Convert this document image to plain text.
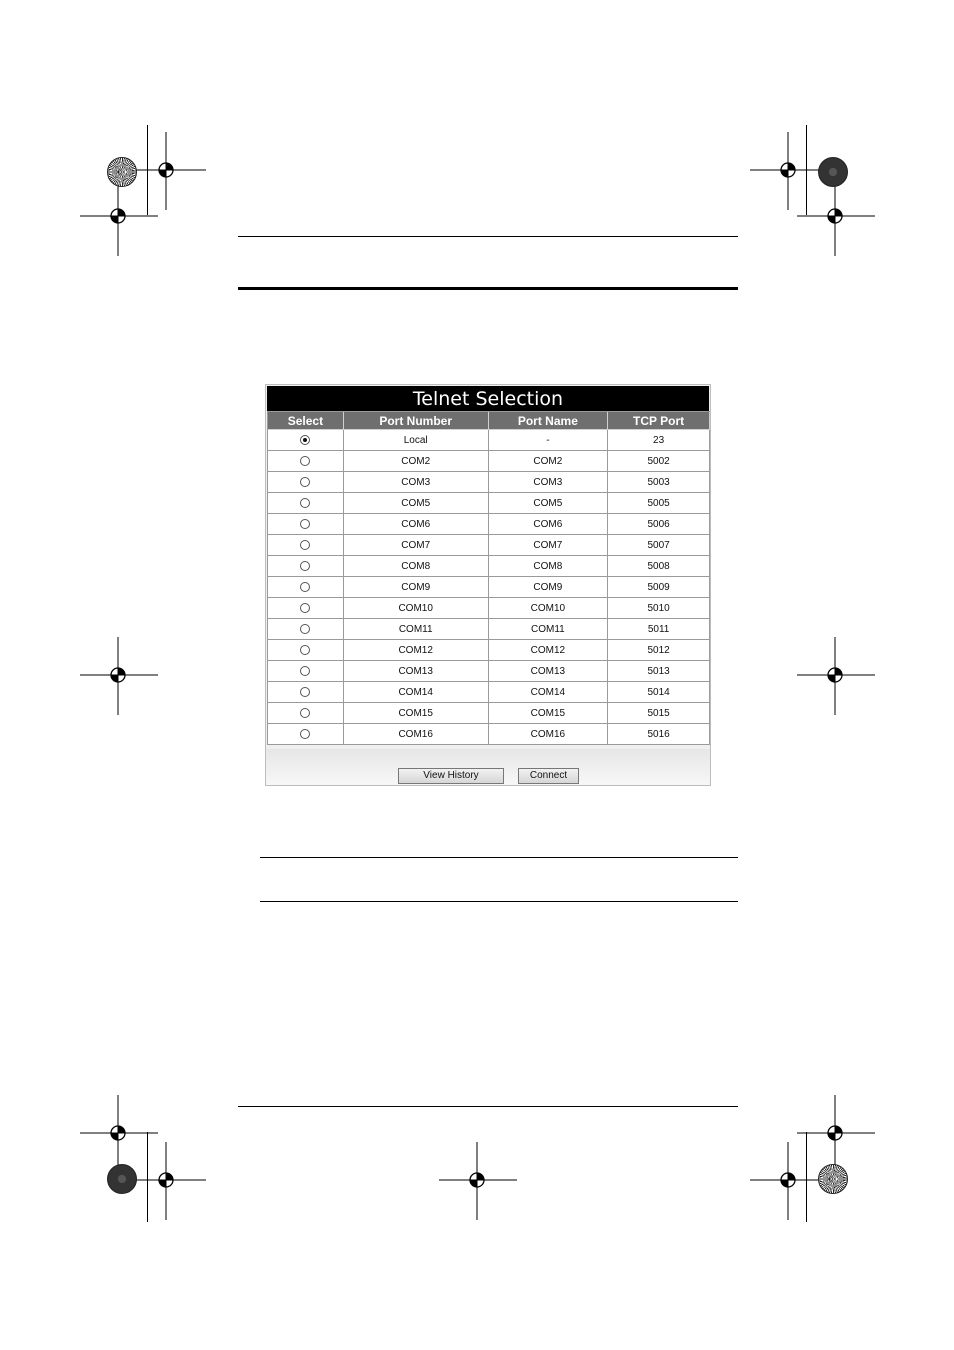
Telnet Selection
Select	Port Number	Port Name	TCP Port
	Local	-	23
	COM2	COM2	5002
	COM3	COM3	5003
	COM5	COM5	5005
	COM6	COM6	5006
	COM7	COM7	5007
	COM8	COM8	5008
	COM9	COM9	5009
	COM10	COM10	5010
	COM11	COM11	5011
	COM12	COM12	5012
	COM13	COM13	5013
	COM14	COM14	5014
	COM15	COM15	5015
	COM16	COM16	5016
View History	Connect
